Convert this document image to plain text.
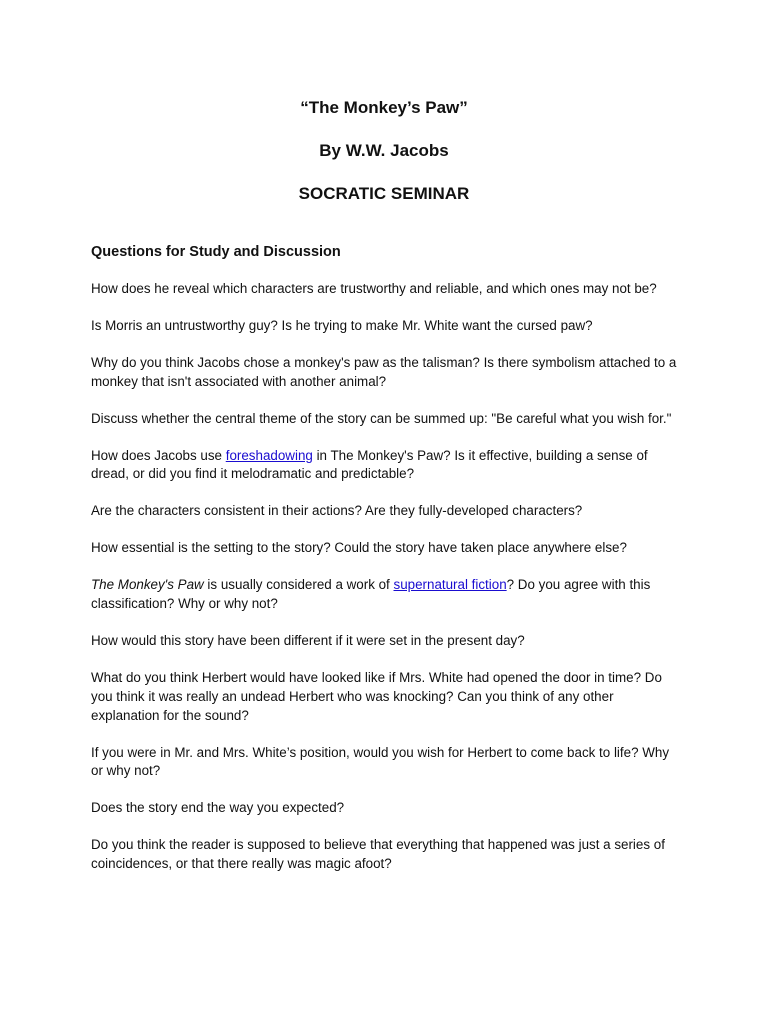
“The Monkey’s Paw”
By W.W. Jacobs
SOCRATIC SEMINAR
Questions for Study and Discussion

How does he reveal which characters are trustworthy and reliable, and which ones may not be?

Is Morris an untrustworthy guy? Is he trying to make Mr. White want the cursed paw?

Why do you think Jacobs chose a monkey's paw as the talisman? Is there symbolism attached to a monkey that isn't associated with another animal?

Discuss whether the central theme of the story can be summed up: "Be careful what you wish for."

How does Jacobs use foreshadowing in The Monkey's Paw? Is it effective, building a sense of dread, or did you find it melodramatic and predictable?

Are the characters consistent in their actions? Are they fully-developed characters?

How essential is the setting to the story? Could the story have taken place anywhere else?

The Monkey's Paw is usually considered a work of supernatural fiction? Do you agree with this classification? Why or why not?

How would this story have been different if it were set in the present day?

What do you think Herbert would have looked like if Mrs. White had opened the door in time? Do you think it was really an undead Herbert who was knocking? Can you think of any other explanation for the sound?

If you were in Mr. and Mrs. White’s position, would you wish for Herbert to come back to life? Why or why not?

Does the story end the way you expected?

Do you think the reader is supposed to believe that everything that happened was just a series of coincidences, or that there really was magic afoot?
